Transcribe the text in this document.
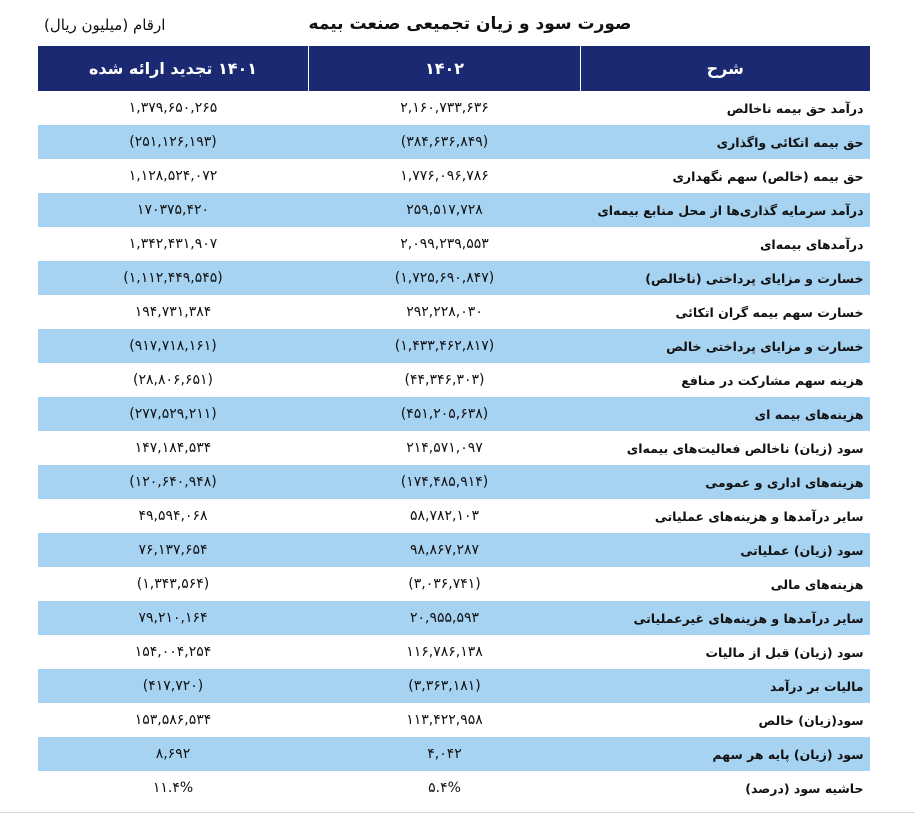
صورت سود و زیان تجمیعی صنعت بیمه
ارقام (میلیون ریال)
شرح	۱۴۰۲	۱۴۰۱ تجدید ارائه شده
درآمد حق بیمه ناخالص	۲,۱۶۰,۷۳۳,۶۳۶	۱,۳۷۹,۶۵۰,۲۶۵
حق بیمه اتکائی واگذاری	(۳۸۴,۶۳۶,۸۴۹)	(۲۵۱,۱۲۶,۱۹۳)
حق بیمه (خالص) سهم نگهداری	۱,۷۷۶,۰۹۶,۷۸۶	۱,۱۲۸,۵۲۴,۰۷۲
درآمد سرمایه گذاری‌ها از محل منابع بیمه‌ای	۲۵۹,۵۱۷,۷۲۸	۱۷۰۳۷۵,۴۲۰
درآمدهای بیمه‌ای	۲,۰۹۹,۲۳۹,۵۵۳	۱,۳۴۲,۴۳۱,۹۰۷
خسارت و مزایای پرداختی (ناخالص)	(۱,۷۲۵,۶۹۰,۸۴۷)	(۱,۱۱۲,۴۴۹,۵۴۵)
خسارت سهم بیمه گران اتکائی	۲۹۲,۲۲۸,۰۳۰	۱۹۴,۷۳۱,۳۸۴
خسارت و مزایای پرداختی خالص	(۱,۴۳۳,۴۶۲,۸۱۷)	(۹۱۷,۷۱۸,۱۶۱)
هزینه سهم مشارکت در منافع	(۴۴,۳۴۶,۳۰۳)	(۲۸,۸۰۶,۶۵۱)
هزینه‌های بیمه ای	(۴۵۱,۲۰۵,۶۳۸)	(۲۷۷,۵۲۹,۲۱۱)
سود (زیان) ناخالص فعالیت‌های بیمه‌ای	۲۱۴,۵۷۱,۰۹۷	۱۴۷,۱۸۴,۵۳۴
هزینه‌های اداری و عمومی	(۱۷۴,۴۸۵,۹۱۴)	(۱۲۰,۶۴۰,۹۴۸)
سایر درآمدها و هزینه‌های عملیاتی	۵۸,۷۸۲,۱۰۳	۴۹,۵۹۴,۰۶۸
سود (زیان) عملیاتی	۹۸,۸۶۷,۲۸۷	۷۶,۱۳۷,۶۵۴
هزینه‌های مالی	(۳,۰۳۶,۷۴۱)	(۱,۳۴۳,۵۶۴)
سایر درآمدها و هزینه‌های غیرعملیاتی	۲۰,۹۵۵,۵۹۳	۷۹,۲۱۰,۱۶۴
سود (زیان) قبل از مالیات	۱۱۶,۷۸۶,۱۳۸	۱۵۴,۰۰۴,۲۵۴
مالیات بر درآمد	(۳,۳۶۳,۱۸۱)	(۴۱۷,۷۲۰)
سود(زیان) خالص	۱۱۳,۴۲۲,۹۵۸	۱۵۳,۵۸۶,۵۳۴
سود (زیان) پایه هر سهم	۴,۰۴۲	۸,۶۹۲
حاشیه سود (درصد)	۵.۴%	۱۱.۴%
